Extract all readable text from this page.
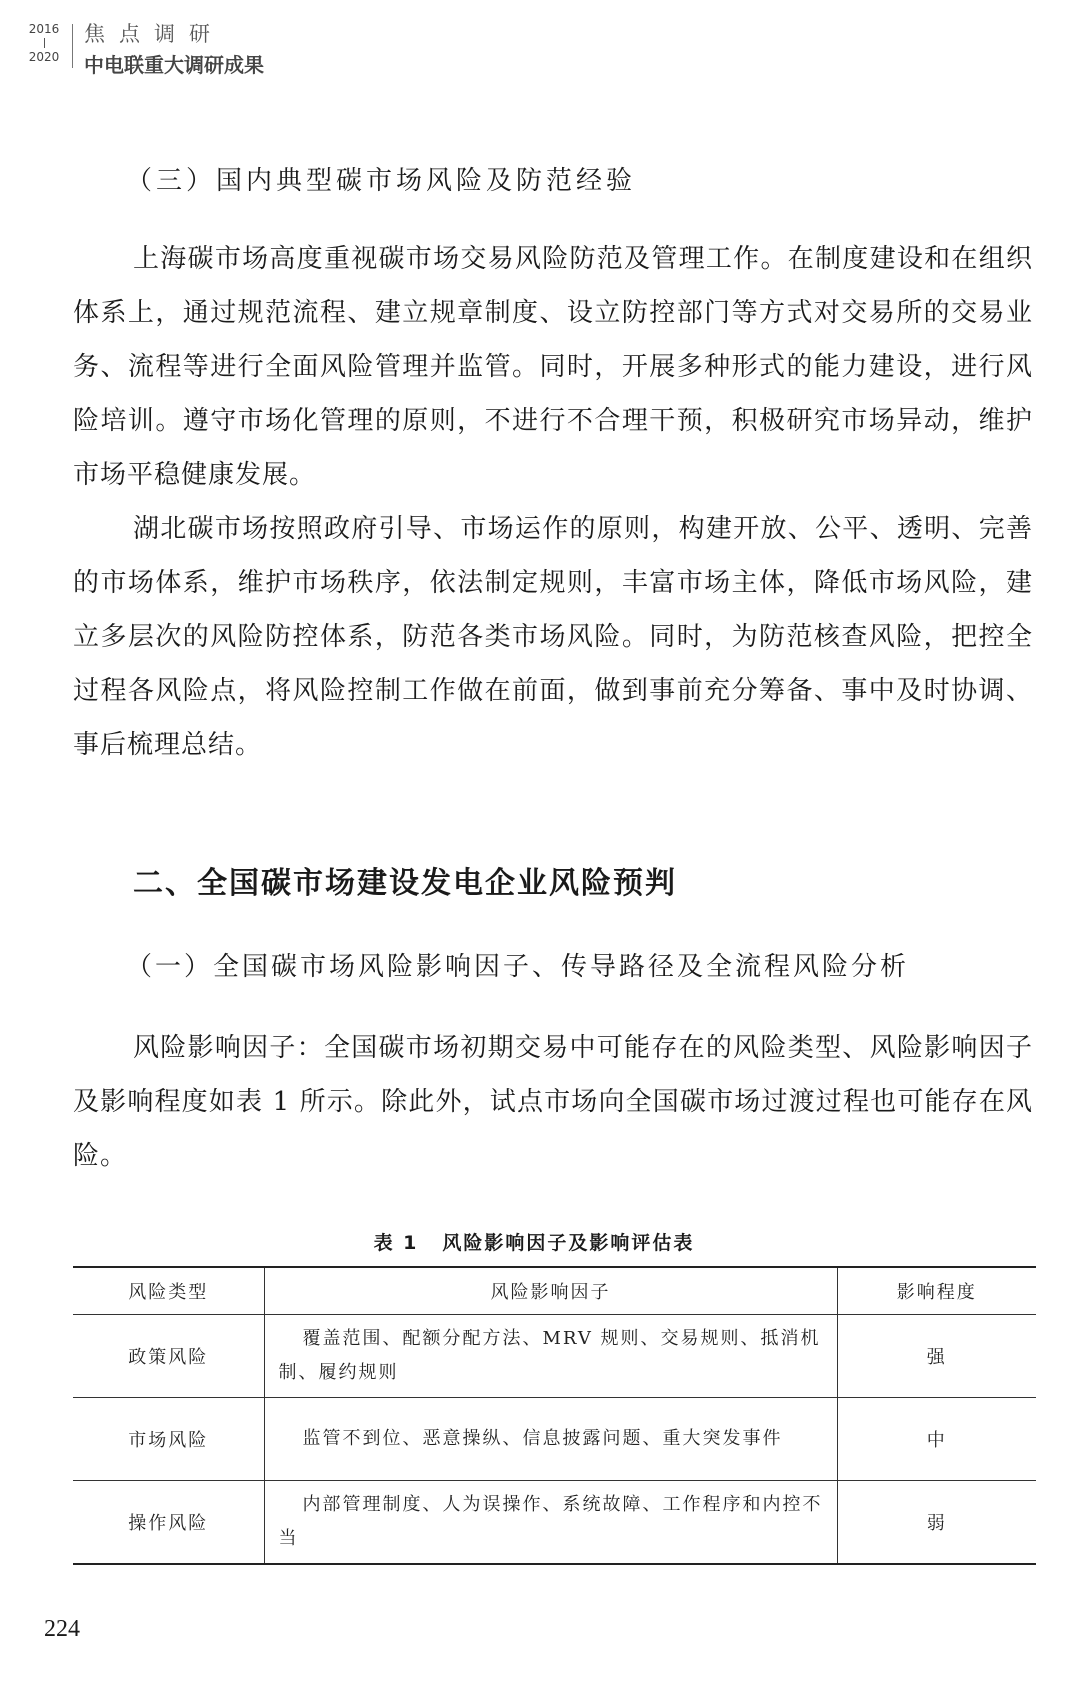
2016
2020
焦点调研
中电联重大调研成果
（三）国内典型碳市场风险及防范经验

上海碳市场高度重视碳市场交易风险防范及管理工作。在制度建设和在组织体系上，通过规范流程、建立规章制度、设立防控部门等方式对交易所的交易业务、流程等进行全面风险管理并监管。同时，开展多种形式的能力建设，进行风险培训。遵守市场化管理的原则，不进行不合理干预，积极研究市场异动，维护市场平稳健康发展。

湖北碳市场按照政府引导、市场运作的原则，构建开放、公平、透明、完善的市场体系，维护市场秩序，依法制定规则，丰富市场主体，降低市场风险，建立多层次的风险防控体系，防范各类市场风险。同时，为防范核查风险，把控全过程各风险点，将风险控制工作做在前面，做到事前充分筹备、事中及时协调、事后梳理总结。

二、全国碳市场建设发电企业风险预判
（一）全国碳市场风险影响因子、传导路径及全流程风险分析

风险影响因子：全国碳市场初期交易中可能存在的风险类型、风险影响因子及影响程度如表 1 所示。除此外，试点市场向全国碳市场过渡过程也可能存在风险。

表 1 风险影响因子及影响评估表
风险类型	风险影响因子	影响程度
政策风险	覆盖范围、配额分配方法、MRV 规则、交易规则、抵消机制、履约规则	强
市场风险	监管不到位、恶意操纵、信息披露问题、重大突发事件	中
操作风险	内部管理制度、人为误操作、系统故障、工作程序和内控不当	弱
224
